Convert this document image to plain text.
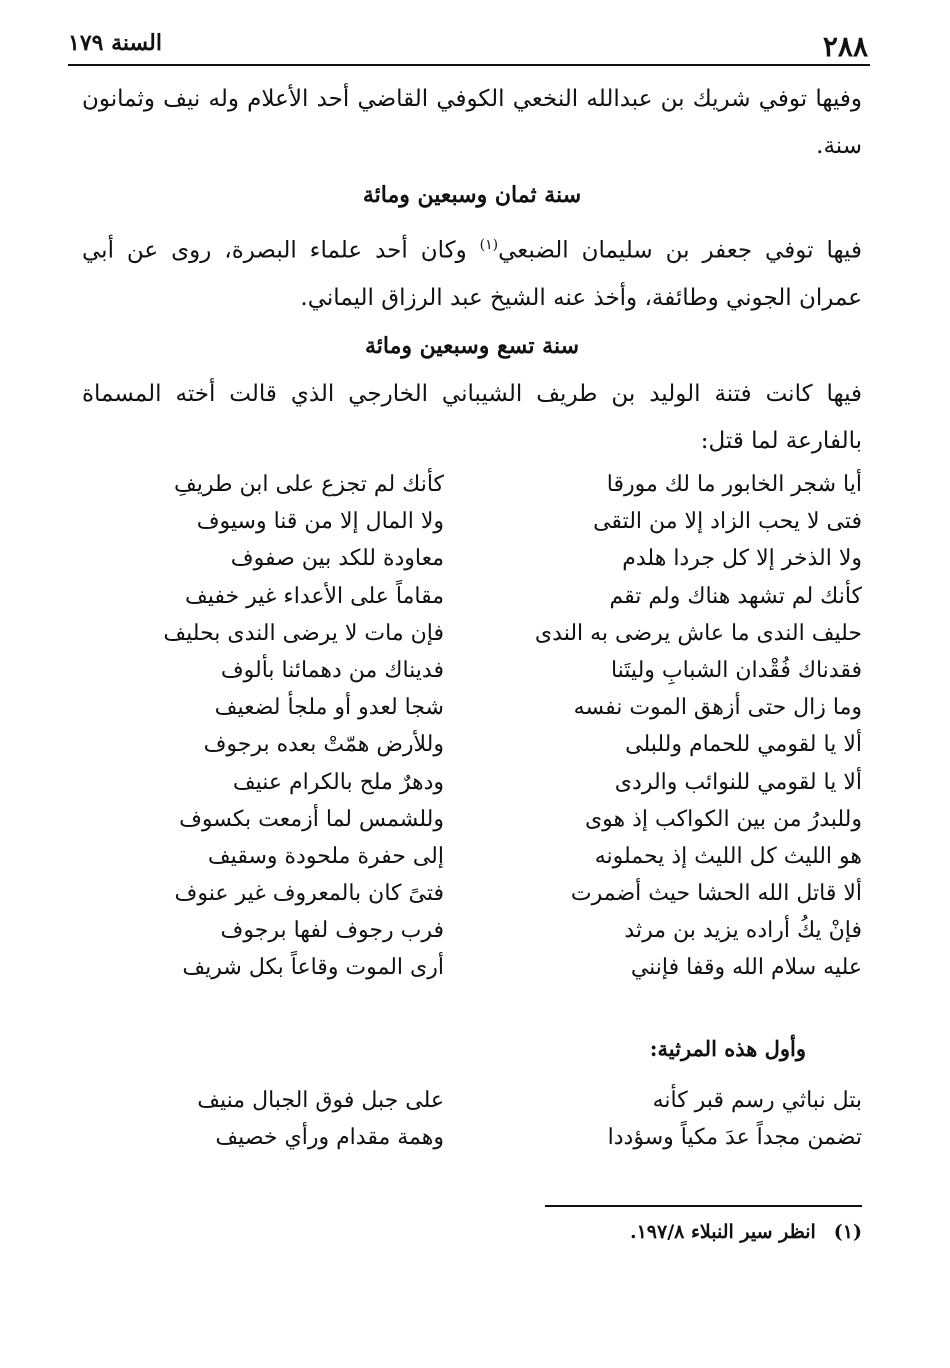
٢٨٨
السنة ١٧٩

وفيها توفي شريك بن عبدالله النخعي الكوفي القاضي أحد الأعلام وله نيف وثمانون سنة.

سنة ثمان وسبعين ومائة

فيها توفي جعفر بن سليمان الضبعي$^{(١)}$ وكان أحد علماء البصرة، روى عن أبي عمران الجوني وطائفة، وأخذ عنه الشيخ عبد الرزاق اليماني.

سنة تسع وسبعين ومائة

فيها كانت فتنة الوليد بن طريف الشيباني الخارجي الذي قالت أخته المسماة بالفارعة لما قتل:

أيا شجر الخابور ما لك مورقا
كأنك لم تجزع على ابن طريفِ
فتى لا يحب الزاد إلا من التقى
ولا المال إلا من قنا وسيوف
ولا الذخر إلا كل جردا هلدم
معاودة للكد بين صفوف
كأنك لم تشهد هناك ولم تقم
مقاماً على الأعداء غير خفيف
حليف الندى ما عاش يرضى به الندى
فإن مات لا يرضى الندى بحليف
فقدناك فُقْدان الشبابِ وليتَنا
فديناك من دهمائنا بألوف
وما زال حتى أزهق الموت نفسه
شجا لعدو أو ملجأ لضعيف
ألا يا لقومي للحمام وللبلى
وللأرض همّتْ بعده برجوف
ألا يا لقومي للنوائب والردى
ودهرٌ ملح بالكرام عنيف
وللبدرُ من بين الكواكب إذ هوى
وللشمس لما أزمعت بكسوف
هو الليث كل الليث إذ يحملونه
إلى حفرة ملحودة وسقيف
ألا قاتل الله الحشا حيث أضمرت
فتىً كان بالمعروف غير عنوف
فإنْ يكُ أراده يزيد بن مرثد
فرب رجوف لفها برجوف
عليه سلام الله وقفا فإنني
أرى الموت وقاعاً بكل شريف
وأول هذه المرثية:
بتل نباثي رسم قبر كأنه
على جبل فوق الجبال منيف
تضمن مجداً عدَ مكياً وسؤددا
وهمة مقدام ورأي خصيف
(١)انظر سير النبلاء ١٩٧/٨.
